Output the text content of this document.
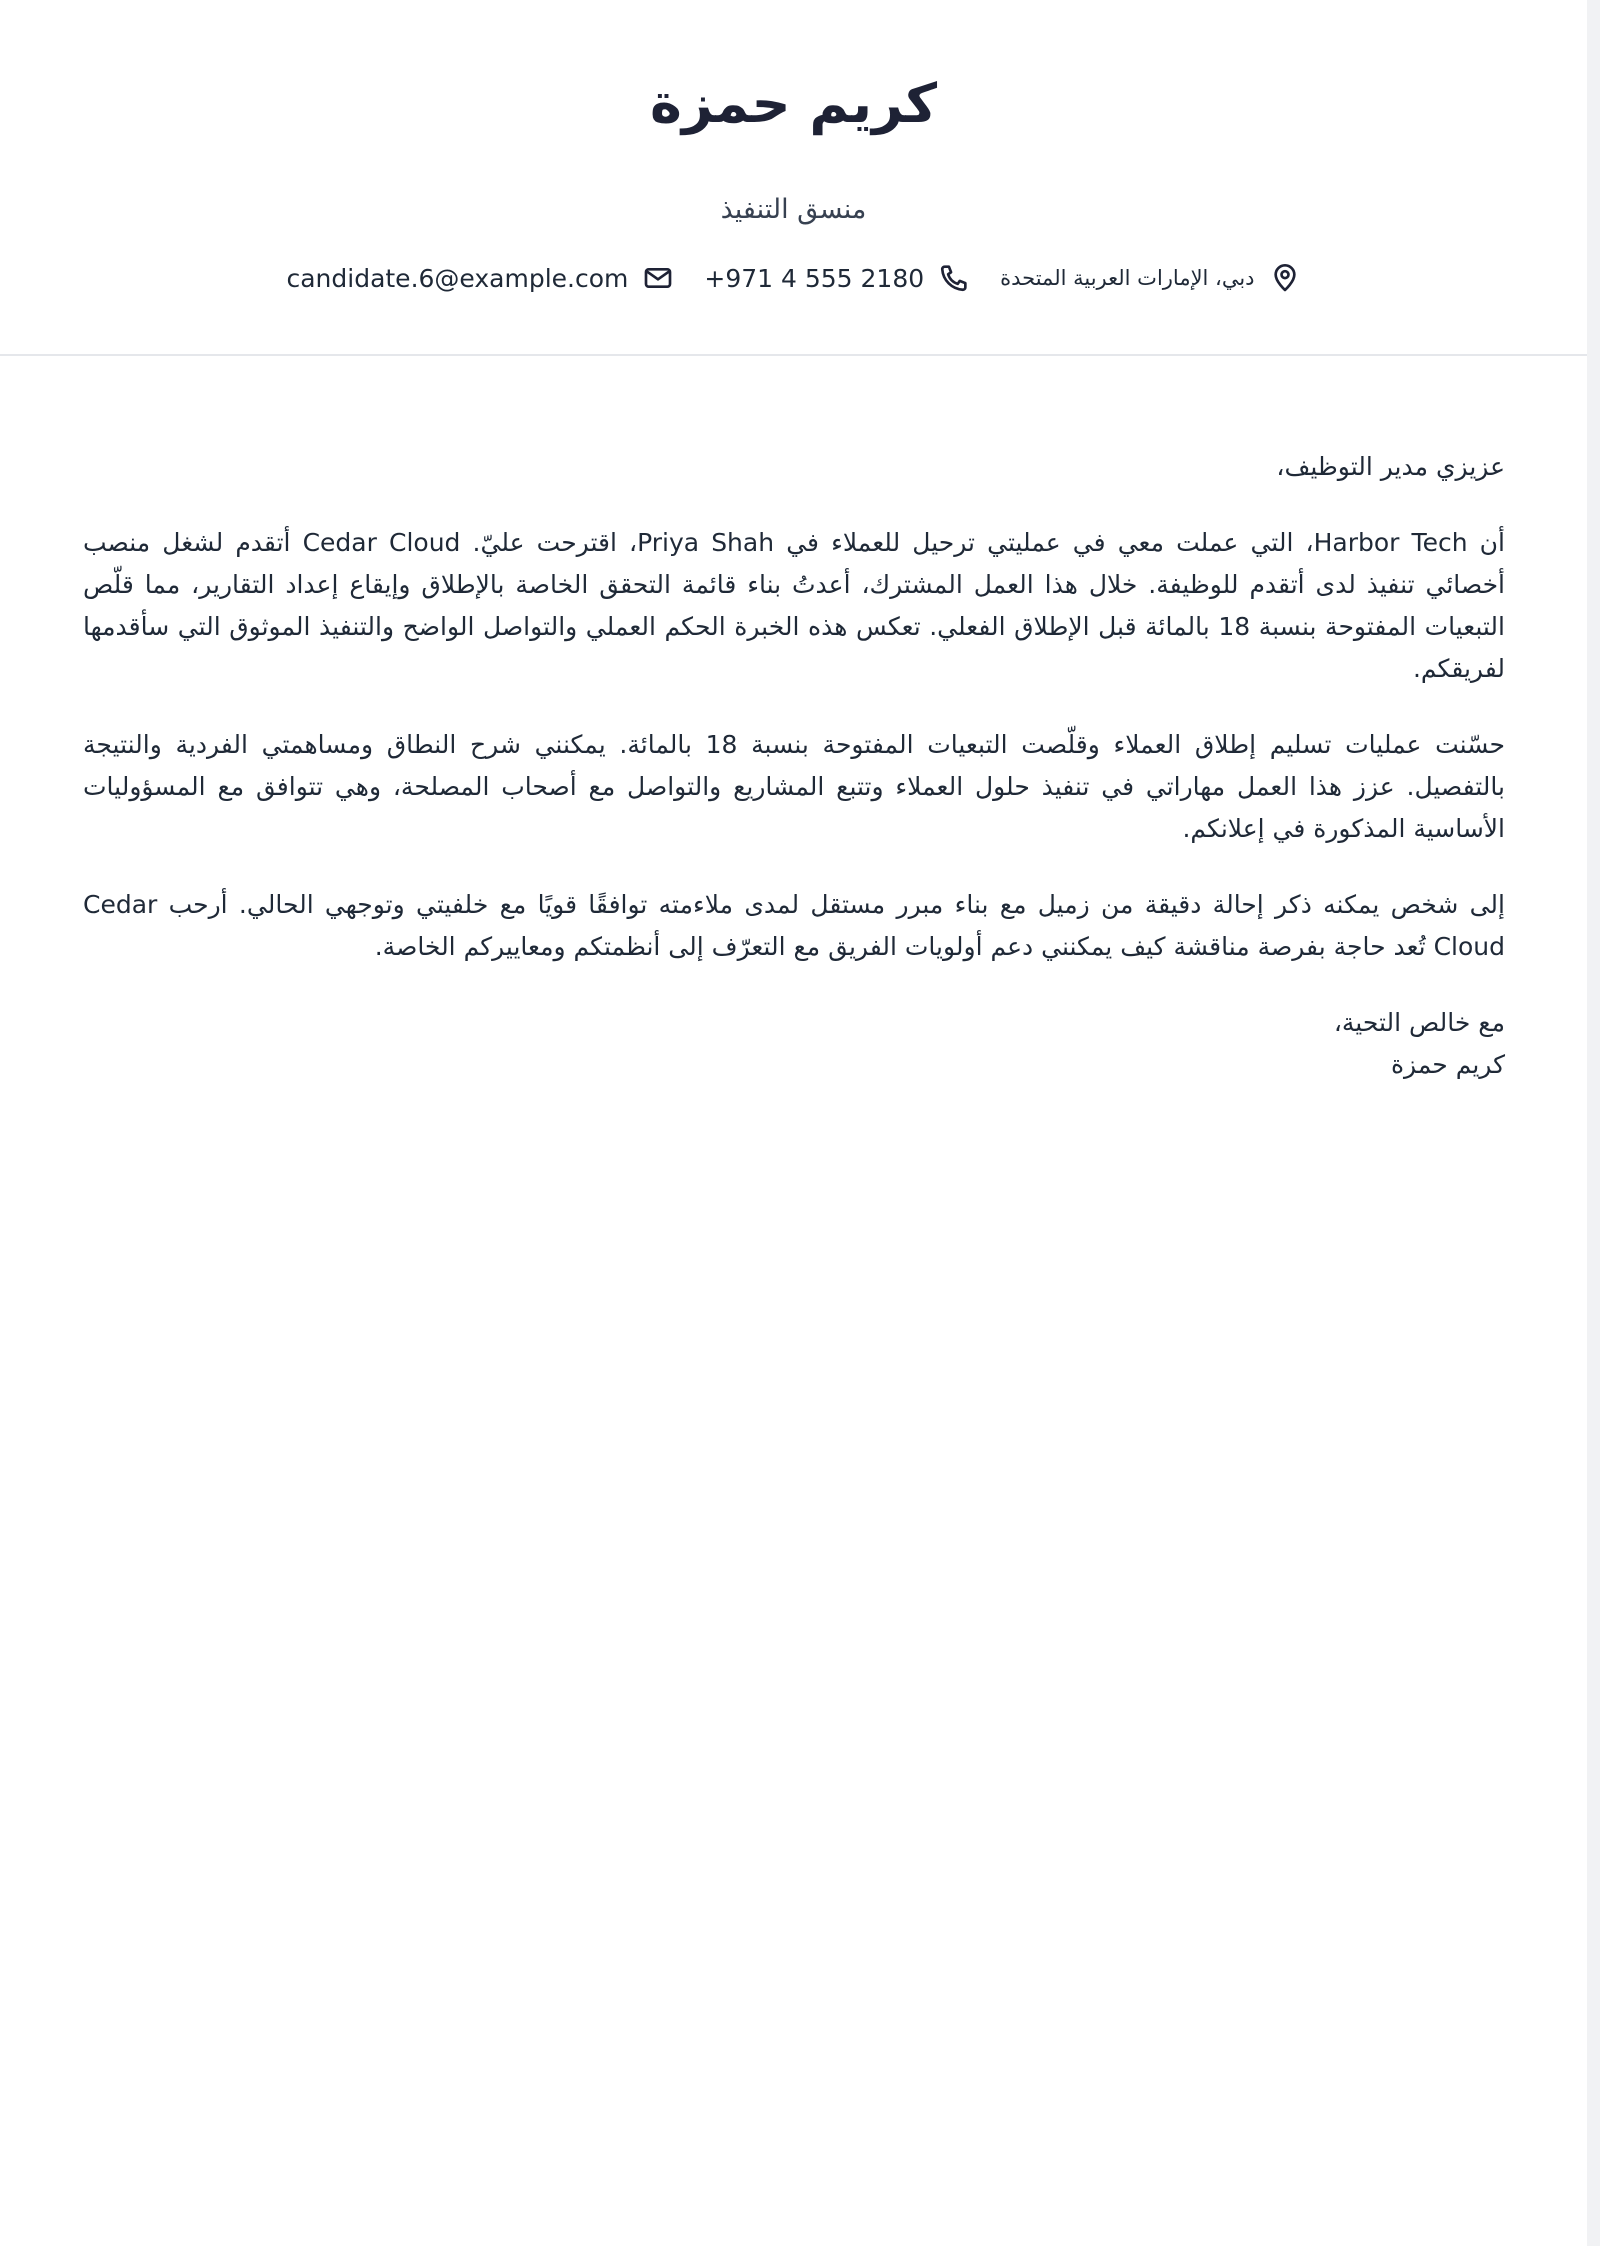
كريم حمزة
منسق التنفيذ
دبي، الإمارات العربية المتحدة
+971 4 555 2180
candidate.6@example.com

عزيزي مدير التوظيف،

أن Harbor Tech، التي عملت معي في عمليتي ترحيل للعملاء في Priya Shah، اقترحت عليّ. Cedar Cloud أتقدم لشغل منصب أخصائي تنفيذ لدى أتقدم للوظيفة. خلال هذا العمل المشترك، أعدتُ بناء قائمة التحقق الخاصة بالإطلاق وإيقاع إعداد التقارير، مما قلّص التبعيات المفتوحة بنسبة 18 بالمائة قبل الإطلاق الفعلي. تعكس هذه الخبرة الحكم العملي والتواصل الواضح والتنفيذ الموثوق التي سأقدمها لفريقكم.

حسّنت عمليات تسليم إطلاق العملاء وقلّصت التبعيات المفتوحة بنسبة 18 بالمائة. يمكنني شرح النطاق ومساهمتي الفردية والنتيجة بالتفصيل. عزز هذا العمل مهاراتي في تنفيذ حلول العملاء وتتبع المشاريع والتواصل مع أصحاب المصلحة، وهي تتوافق مع المسؤوليات الأساسية المذكورة في إعلانكم.

إلى شخص يمكنه ذكر إحالة دقيقة من زميل مع بناء مبرر مستقل لمدى ملاءمته توافقًا قويًا مع خلفيتي وتوجهي الحالي. أرحب Cedar Cloud تُعد حاجة بفرصة مناقشة كيف يمكنني دعم أولويات الفريق مع التعرّف إلى أنظمتكم ومعاييركم الخاصة.

مع خالص التحية،

كريم حمزة
